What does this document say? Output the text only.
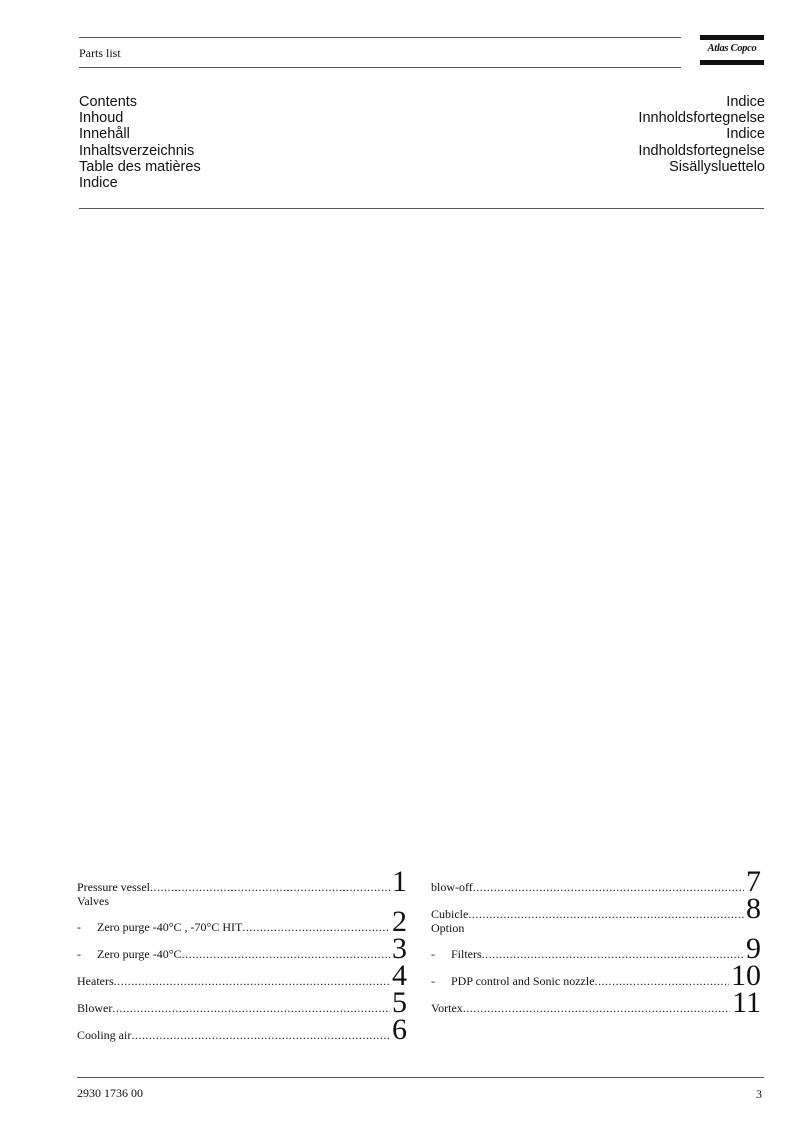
Parts list	Atlas Copco
Contents
Inhoud
Innehåll
Inhaltsverzeichnis
Table des matières
Indice
Indice
Innholdsfortegnelse
Indice
Indholdsfortegnelse
Sisällysluettelo
Pressure vessel .....	1
Valves
-	Zero purge -40°C , -70°C HIT .....	2
-	Zero purge -40°C .....	3
Heaters .....	4
Blower .....	5
Cooling air .....	6
blow-off .....	7
Cubicle .....	8
Option
-	Filters .....	9
-	PDP control and Sonic nozzle .....	10
Vortex .....	11
2930 1736 00	3
